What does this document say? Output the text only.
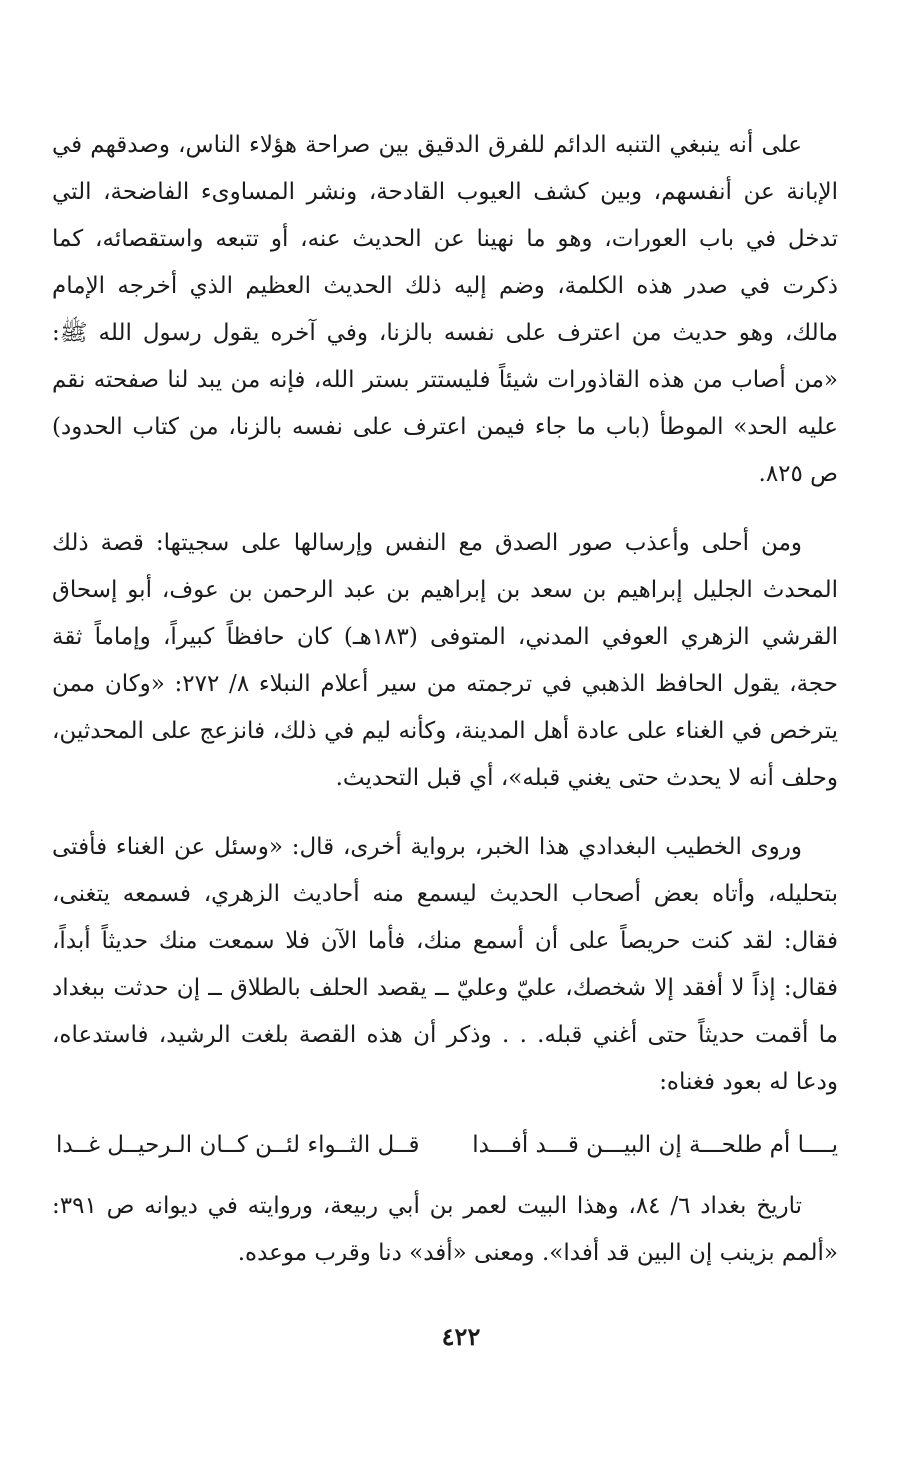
على أنه ينبغي التنبه الدائم للفرق الدقيق بين صراحة هؤلاء الناس، وصدقهم في الإبانة عن أنفسهم، وبين كشف العيوب القادحة، ونشر المساوىء الفاضحة، التي تدخل في باب العورات، وهو ما نهينا عن الحديث عنه، أو تتبعه واستقصائه، كما ذكرت في صدر هذه الكلمة، وضم إليه ذلك الحديث العظيم الذي أخرجه الإمام مالك، وهو حديث من اعترف على نفسه بالزنا، وفي آخره يقول رسول الله ﷺ: «من أصاب من هذه القاذورات شيئاً فليستتر بستر الله، فإنه من يبد لنا صفحته نقم عليه الحد» الموطأ (باب ما جاء فيمن اعترف على نفسه بالزنا، من كتاب الحدود) ص ٨٢٥.

ومن أحلى وأعذب صور الصدق مع النفس وإرسالها على سجيتها: قصة ذلك المحدث الجليل إبراهيم بن سعد بن إبراهيم بن عبد الرحمن بن عوف، أبو إسحاق القرشي الزهري العوفي المدني، المتوفى (١٨٣هـ) كان حافظاً كبيراً، وإماماً ثقة حجة، يقول الحافظ الذهبي في ترجمته من سير أعلام النبلاء ٨/ ٢٧٢: «وكان ممن يترخص في الغناء على عادة أهل المدينة، وكأنه ليم في ذلك، فانزعج على المحدثين، وحلف أنه لا يحدث حتى يغني قبله»، أي قبل التحديث.

وروى الخطيب البغدادي هذا الخبر، برواية أخرى، قال: «وسئل عن الغناء فأفتى بتحليله، وأتاه بعض أصحاب الحديث ليسمع منه أحاديث الزهري، فسمعه يتغنى، فقال: لقد كنت حريصاً على أن أسمع منك، فأما الآن فلا سمعت منك حديثاً أبداً، فقال: إذاً لا أفقد إلا شخصك، عليّ وعليّ ــ يقصد الحلف بالطلاق ــ إن حدثت ببغداد ما أقمت حديثاً حتى أغني قبله. . . وذكر أن هذه القصة بلغت الرشيد، فاستدعاه، ودعا له بعود فغناه:

يــــا أم طلحـــة إن البيـــن قـــد أفـــدا
قــل الثــواء لئــن كــان الـرحيــل غــدا

تاريخ بغداد ٦/ ٨٤، وهذا البيت لعمر بن أبي ربيعة، وروايته في ديوانه ص ٣٩١: «ألمم بزينب إن البين قد أفدا». ومعنى «أفد» دنا وقرب موعده.

٤٢٢
